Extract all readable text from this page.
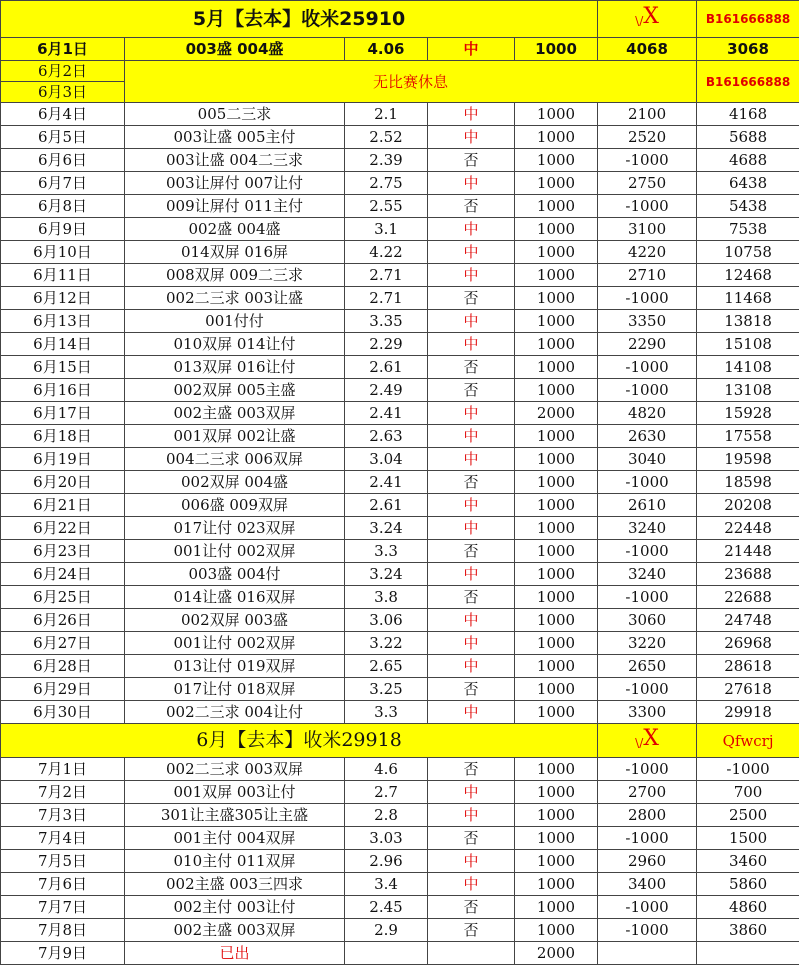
5月【去本】收米25910					\/X	B161666888
6月1日	003盛 004盛	4.06	中	1000	4068	3068
6月2日	无比赛休息					B161666888
6月3日						
6月4日	005二三求	2.1	中	1000	2100	4168
6月5日	003让盛 005主付	2.52	中	1000	2520	5688
6月6日	003让盛 004二三求	2.39	否	1000	-1000	4688
6月7日	003让屏付 007让付	2.75	中	1000	2750	6438
6月8日	009让屏付 011主付	2.55	否	1000	-1000	5438
6月9日	002盛 004盛	3.1	中	1000	3100	7538
6月10日	014双屏 016屏	4.22	中	1000	4220	10758
6月11日	008双屏 009二三求	2.71	中	1000	2710	12468
6月12日	002二三求 003让盛	2.71	否	1000	-1000	11468
6月13日	001付付	3.35	中	1000	3350	13818
6月14日	010双屏 014让付	2.29	中	1000	2290	15108
6月15日	013双屏 016让付	2.61	否	1000	-1000	14108
6月16日	002双屏 005主盛	2.49	否	1000	-1000	13108
6月17日	002主盛 003双屏	2.41	中	2000	4820	15928
6月18日	001双屏 002让盛	2.63	中	1000	2630	17558
6月19日	004二三求 006双屏	3.04	中	1000	3040	19598
6月20日	002双屏 004盛	2.41	否	1000	-1000	18598
6月21日	006盛 009双屏	2.61	中	1000	2610	20208
6月22日	017让付 023双屏	3.24	中	1000	3240	22448
6月23日	001让付 002双屏	3.3	否	1000	-1000	21448
6月24日	003盛 004付	3.24	中	1000	3240	23688
6月25日	014让盛 016双屏	3.8	否	1000	-1000	22688
6月26日	002双屏 003盛	3.06	中	1000	3060	24748
6月27日	001让付 002双屏	3.22	中	1000	3220	26968
6月28日	013让付 019双屏	2.65	中	1000	2650	28618
6月29日	017让付 018双屏	3.25	否	1000	-1000	27618
6月30日	002二三求 004让付	3.3	中	1000	3300	29918
6月【去本】收米29918					\/X	Qfwcrj
7月1日	002二三求 003双屏	4.6	否	1000	-1000	-1000
7月2日	001双屏 003让付	2.7	中	1000	2700	700
7月3日	301让主盛305让主盛	2.8	中	1000	2800	2500
7月4日	001主付 004双屏	3.03	否	1000	-1000	1500
7月5日	010主付 011双屏	2.96	中	1000	2960	3460
7月6日	002主盛 003三四求	3.4	中	1000	3400	5860
7月7日	002主付 003让付	2.45	否	1000	-1000	4860
7月8日	002主盛 003双屏	2.9	否	1000	-1000	3860
7月9日	已出			2000		
